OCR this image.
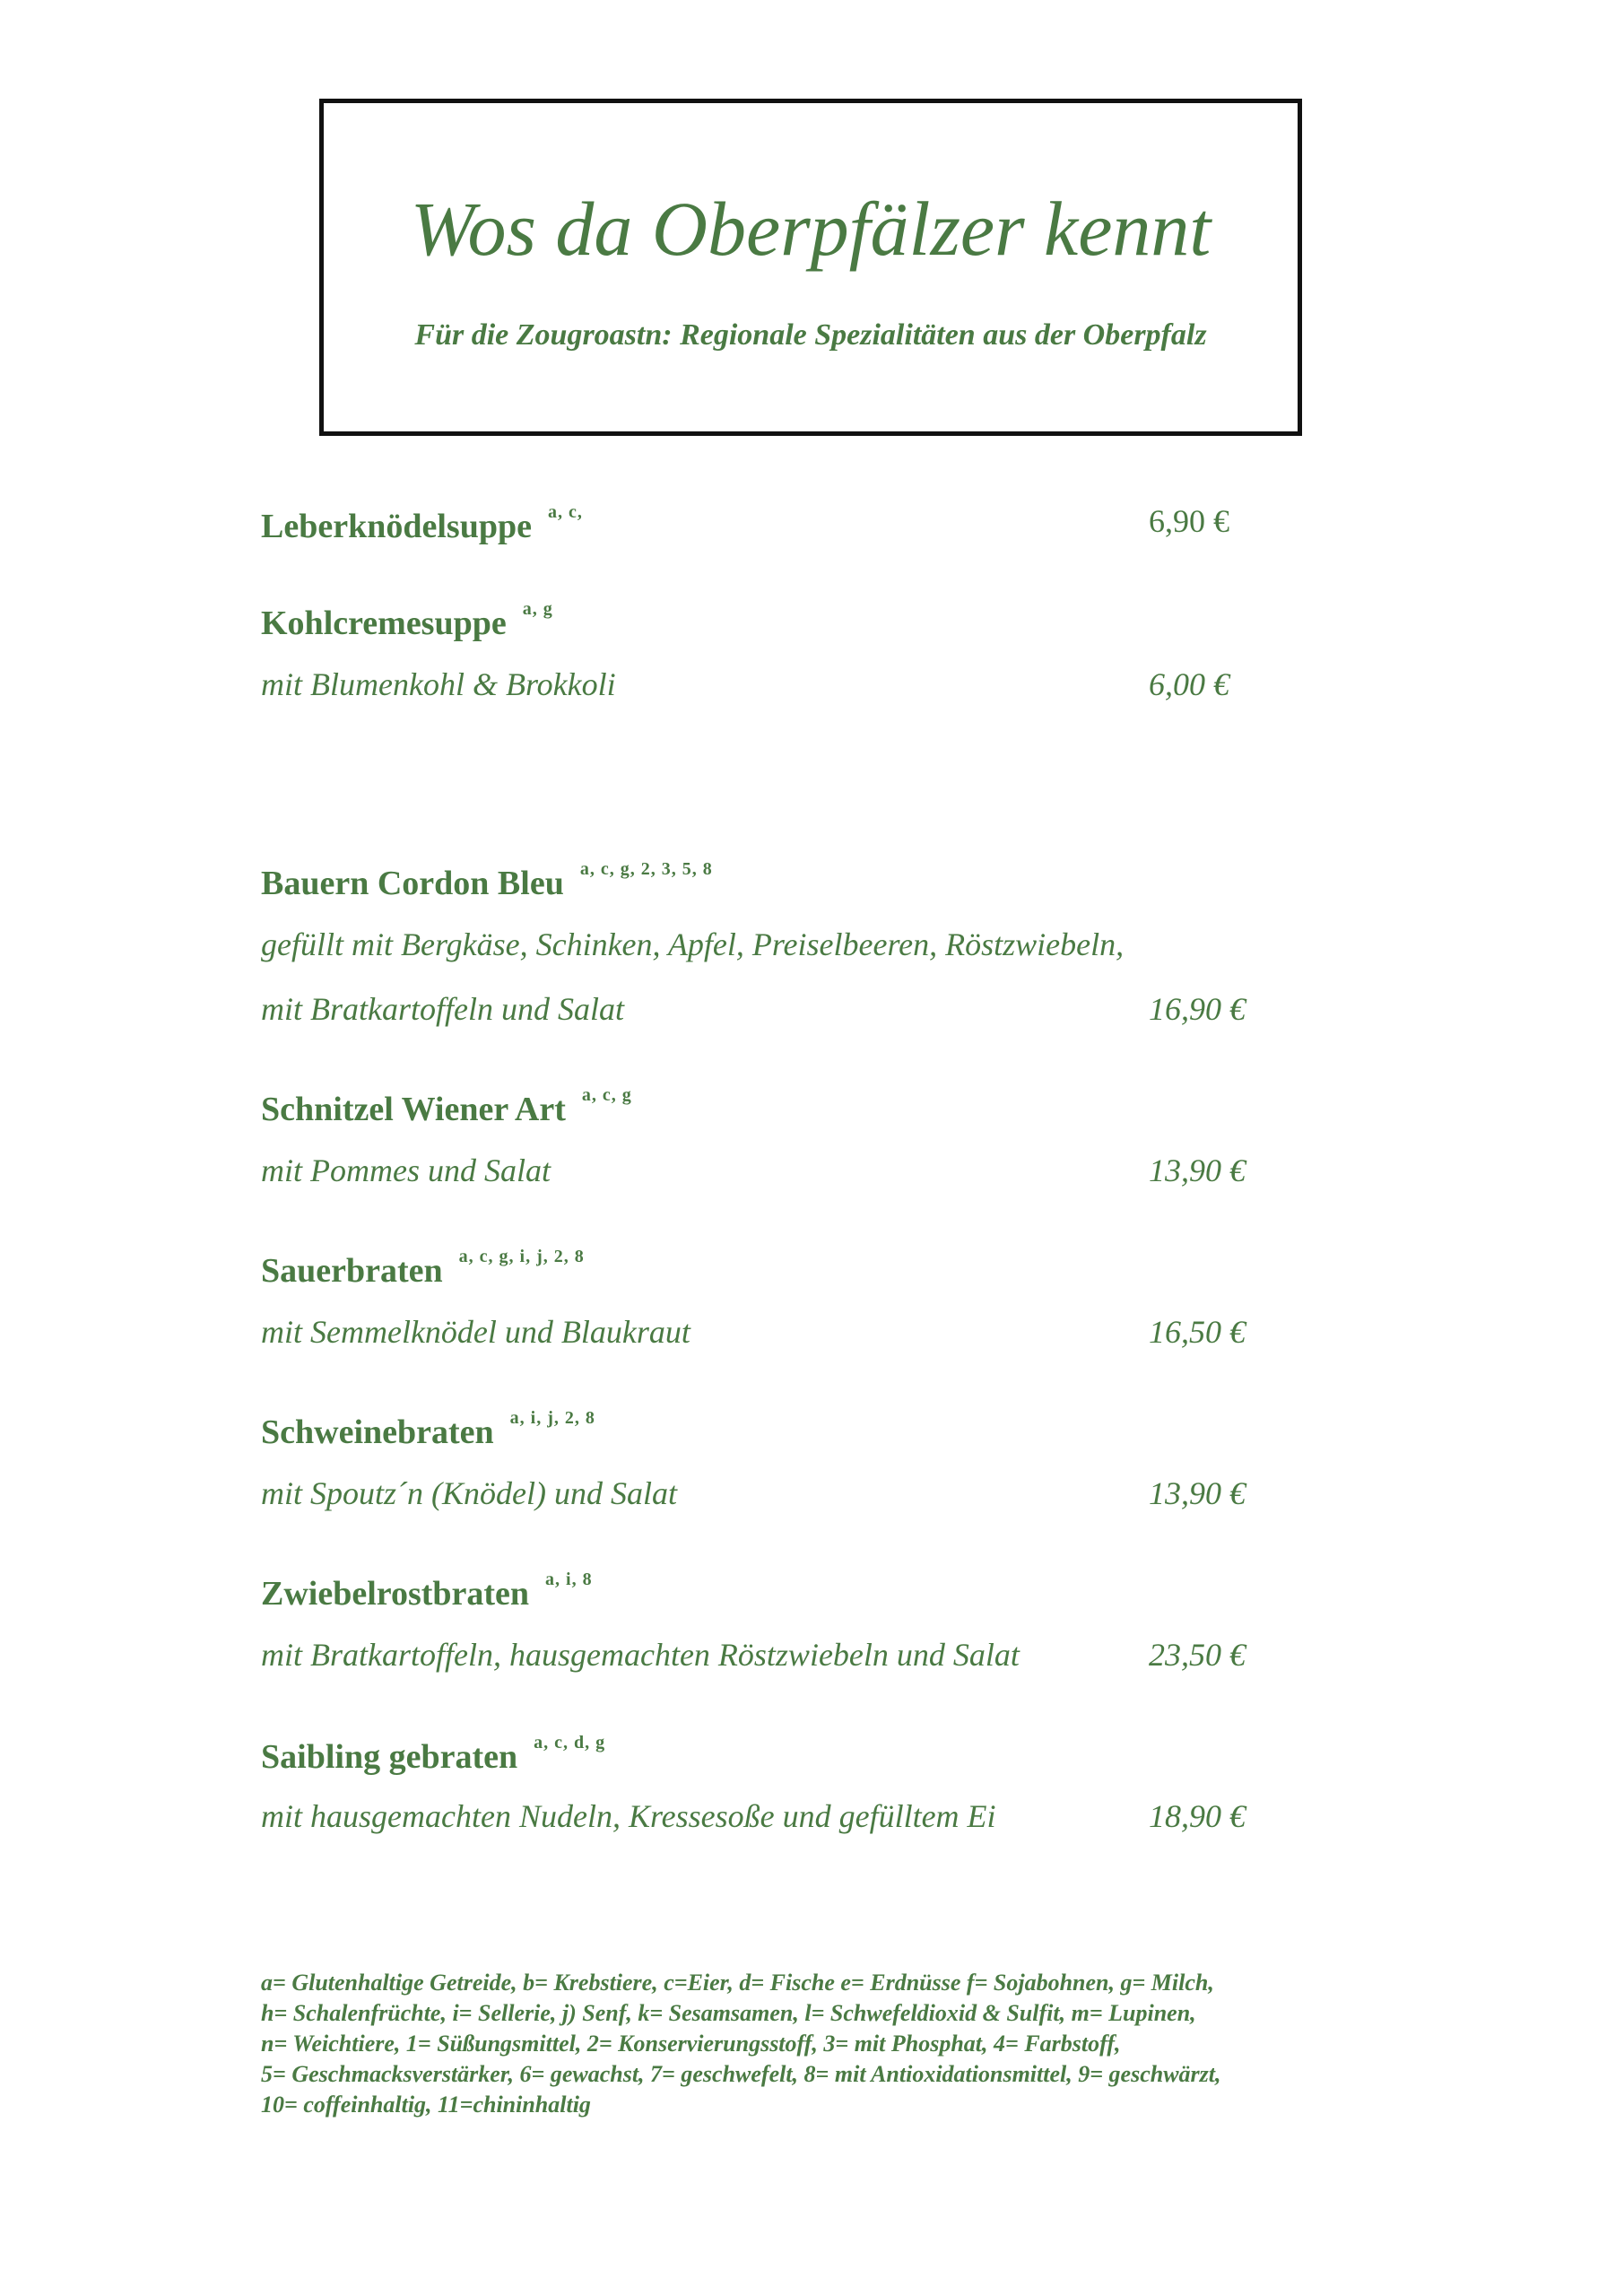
Wos da Oberpfälzer kennt
Für die Zougroastn: Regionale Spezialitäten aus der Oberpfalz
Leberknödelsuppe $^{a, c,}$	6,90 €
Kohlcremesuppe $^{a, g}$
mit Blumenkohl & Brokkoli	6,00 €
Bauern Cordon Bleu $^{a, c, g, 2, 3, 5, 8}$
gefüllt mit Bergkäse, Schinken, Apfel, Preiselbeeren, Röstzwiebeln,
mit Bratkartoffeln und Salat	16,90 €
Schnitzel Wiener Art $^{a, c, g}$
mit Pommes und Salat	13,90 €
Sauerbraten $^{a, c, g, i, j, 2, 8}$
mit Semmelknödel und Blaukraut	16,50 €
Schweinebraten $^{a, i, j, 2, 8}$
mit Spoutz´n (Knödel) und Salat	13,90 €
Zwiebelrostbraten $^{a, i, 8}$
mit Bratkartoffeln, hausgemachten Röstzwiebeln und Salat	23,50 €
Saibling gebraten $^{a, c, d, g}$
mit hausgemachten Nudeln, Kressesoße und gefülltem Ei	18,90 €
a= Glutenhaltige Getreide, b= Krebstiere, c=Eier, d= Fische e= Erdnüsse f= Sojabohnen, g= Milch,
h= Schalenfrüchte, i= Sellerie, j) Senf, k= Sesamsamen, l= Schwefeldioxid & Sulfit, m= Lupinen,
n= Weichtiere, 1= Süßungsmittel, 2= Konservierungsstoff, 3= mit Phosphat, 4= Farbstoff,
5= Geschmacksverstärker, 6= gewachst, 7= geschwefelt, 8= mit Antioxidationsmittel, 9= geschwärzt,
10= coffeinhaltig, 11=chininhaltig
